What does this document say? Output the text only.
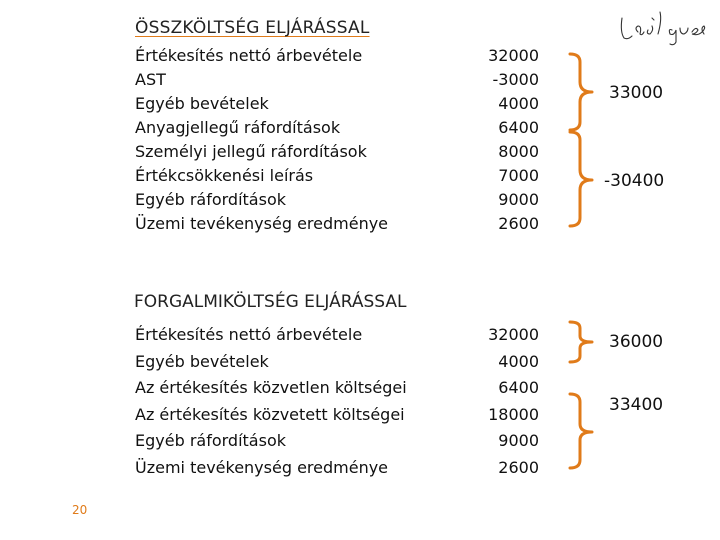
ÖSSZKÖLTSÉG ELJÁRÁSSAL
Értékesítés nettó árbevétele
AST
Egyéb bevételek
Anyagjellegű ráfordítások
Személyi jellegű ráfordítások
Értékcsökkenési leírás
Egyéb ráfordítások
Üzemi tevékenység eredménye
32000
-3000
4000
6400
8000
7000
9000
2600
33000
-30400
FORGALMIKÖLTSÉG ELJÁRÁSSAL
Értékesítés nettó árbevétele
Egyéb bevételek
Az értékesítés közvetlen költségei
Az értékesítés közvetett költségei
Egyéb ráfordítások
Üzemi tevékenység eredménye
32000
4000
6400
18000
9000
2600
36000
33400
20
